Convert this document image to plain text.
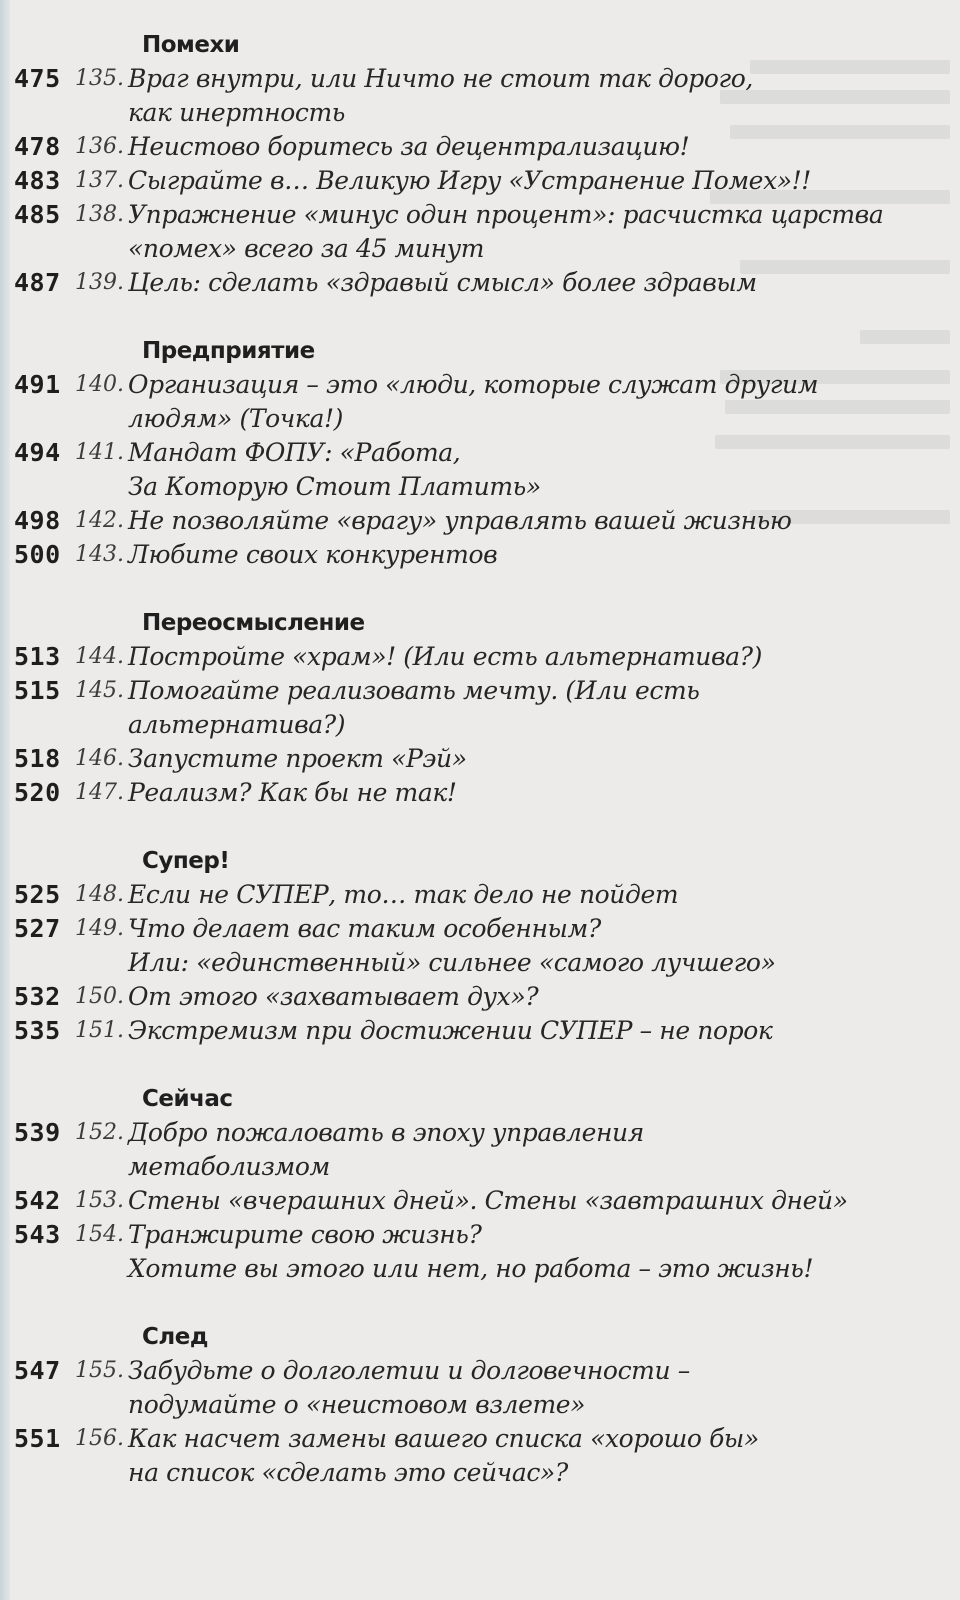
Помехи
475 135. Враг внутри, или Ничто не стоит так дорого,
как инертность
478 136. Неистово боритесь за децентрализацию!
483 137. Сыграйте в… Великую Игру «Устранение Помех»!!
485 138. Упражнение «минус один процент»: расчистка царства
«помех» всего за 45 минут
487 139. Цель: сделать «здравый смысл» более здравым
Предприятие
491 140. Организация – это «люди, которые служат другим
людям» (Точка!)
494 141. Мандат ФОПУ: «Работа,
За Которую Стоит Платить»
498 142. Не позволяйте «врагу» управлять вашей жизнью
500 143. Любите своих конкурентов
Переосмысление
513 144. Постройте «храм»! (Или есть альтернатива?)
515 145. Помогайте реализовать мечту. (Или есть
альтернатива?)
518 146. Запустите проект «Рэй»
520 147. Реализм? Как бы не так!
Супер!
525 148. Если не СУПЕР, то… так дело не пойдет
527 149. Что делает вас таким особенным?
Или: «единственный» сильнее «самого лучшего»
532 150. От этого «захватывает дух»?
535 151. Экстремизм при достижении СУПЕР – не порок
Сейчас
539 152. Добро пожаловать в эпоху управления
метаболизмом
542 153. Стены «вчерашних дней». Стены «завтрашних дней»
543 154. Транжирите свою жизнь?
Хотите вы этого или нет, но работа – это жизнь!
След
547 155. Забудьте о долголетии и долговечности –
подумайте о «неистовом взлете»
551 156. Как насчет замены вашего списка «хорошо бы»
на список «сделать это сейчас»?
